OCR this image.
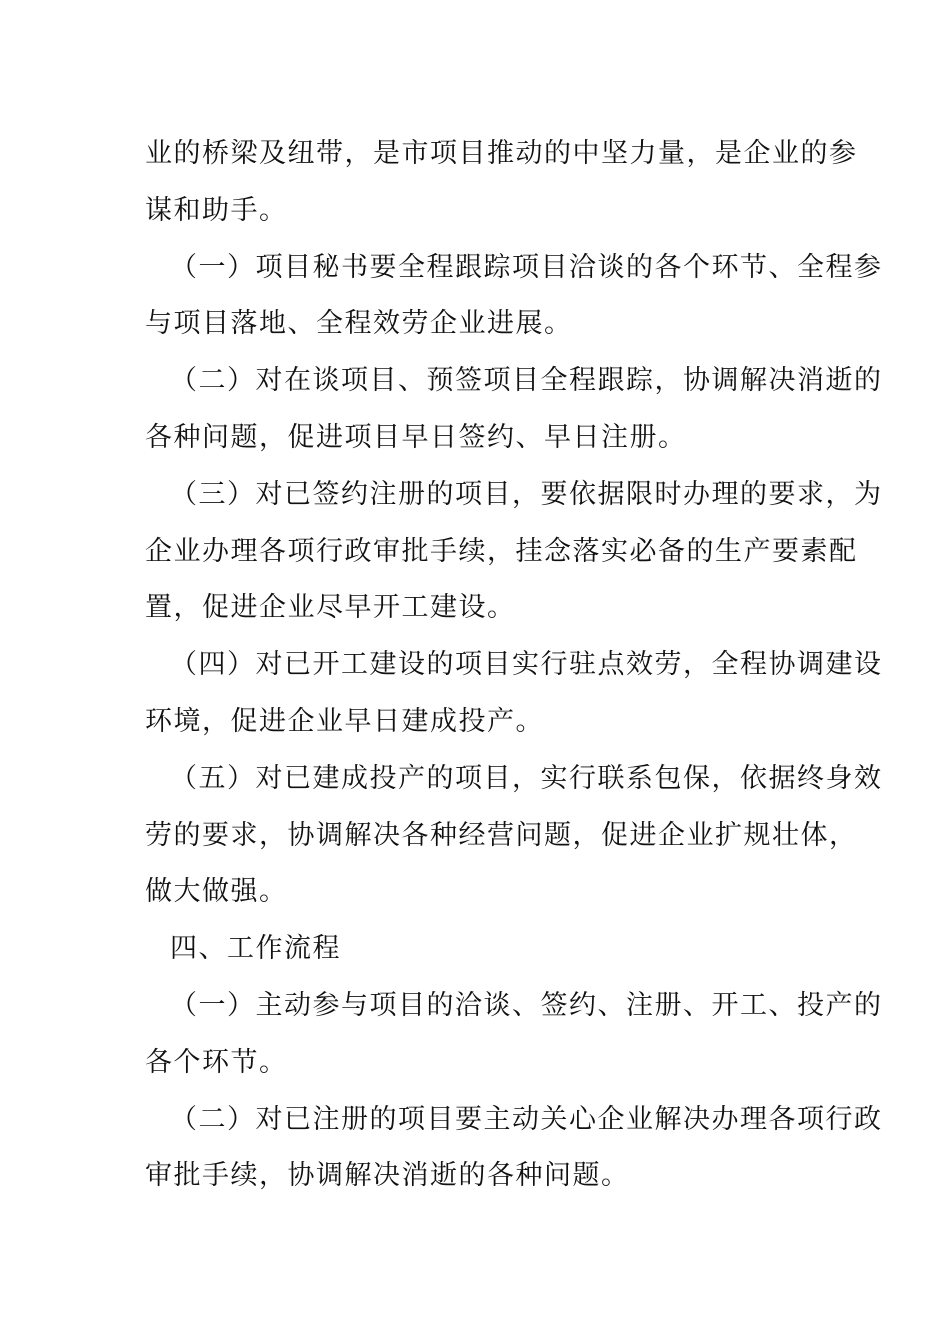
业的桥梁及纽带，是市项目推动的中坚力量，是企业的参
谋和助手。
（一）项目秘书要全程跟踪项目洽谈的各个环节、全程参
与项目落地、全程效劳企业进展。
（二）对在谈项目、预签项目全程跟踪，协调解决消逝的
各种问题，促进项目早日签约、早日注册。
（三）对已签约注册的项目，要依据限时办理的要求，为
企业办理各项行政审批手续，挂念落实必备的生产要素配
置，促进企业尽早开工建设。
（四）对已开工建设的项目实行驻点效劳，全程协调建设
环境，促进企业早日建成投产。
（五）对已建成投产的项目，实行联系包保，依据终身效
劳的要求，协调解决各种经营问题，促进企业扩规壮体，
做大做强。
四、工作流程
（一）主动参与项目的洽谈、签约、注册、开工、投产的
各个环节。
（二）对已注册的项目要主动关心企业解决办理各项行政
审批手续，协调解决消逝的各种问题。
